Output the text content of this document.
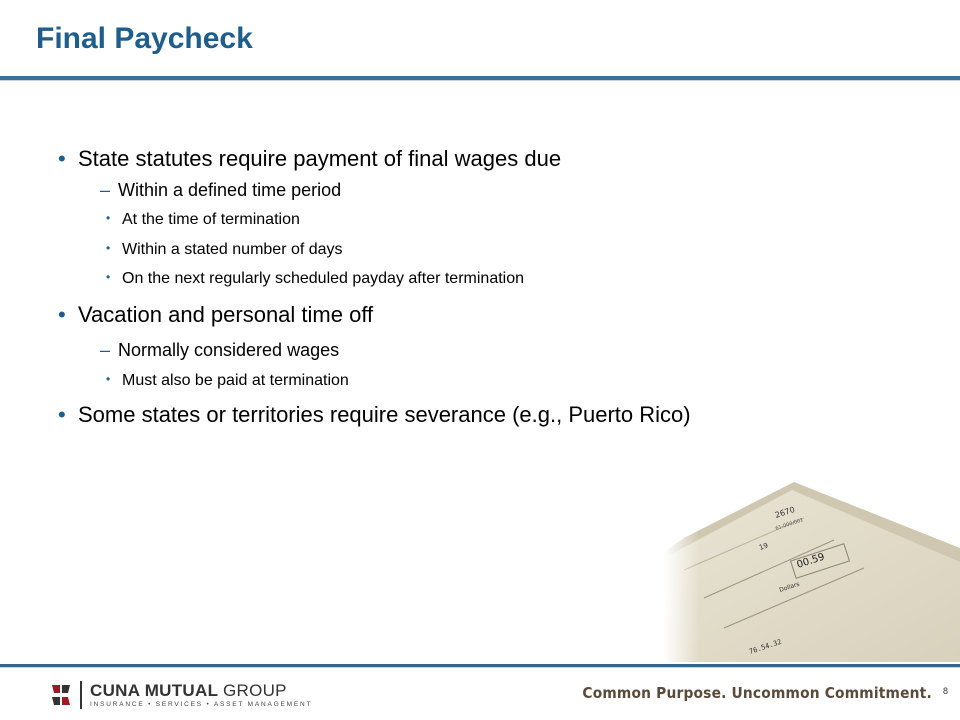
Final Paycheck
• State statutes require payment of final wages due
– Within a defined time period
• At the time of termination
• Within a stated number of days
• On the next regularly scheduled payday after termination
• Vacation and personal time off
– Normally considered wages
• Must also be paid at termination
• Some states or territories require severance (e.g., Puerto Rico)
CUNA MUTUAL GROUP
INSURANCE • SERVICES • ASSET MANAGEMENT
Common Purpose. Uncommon Commitment. 8
